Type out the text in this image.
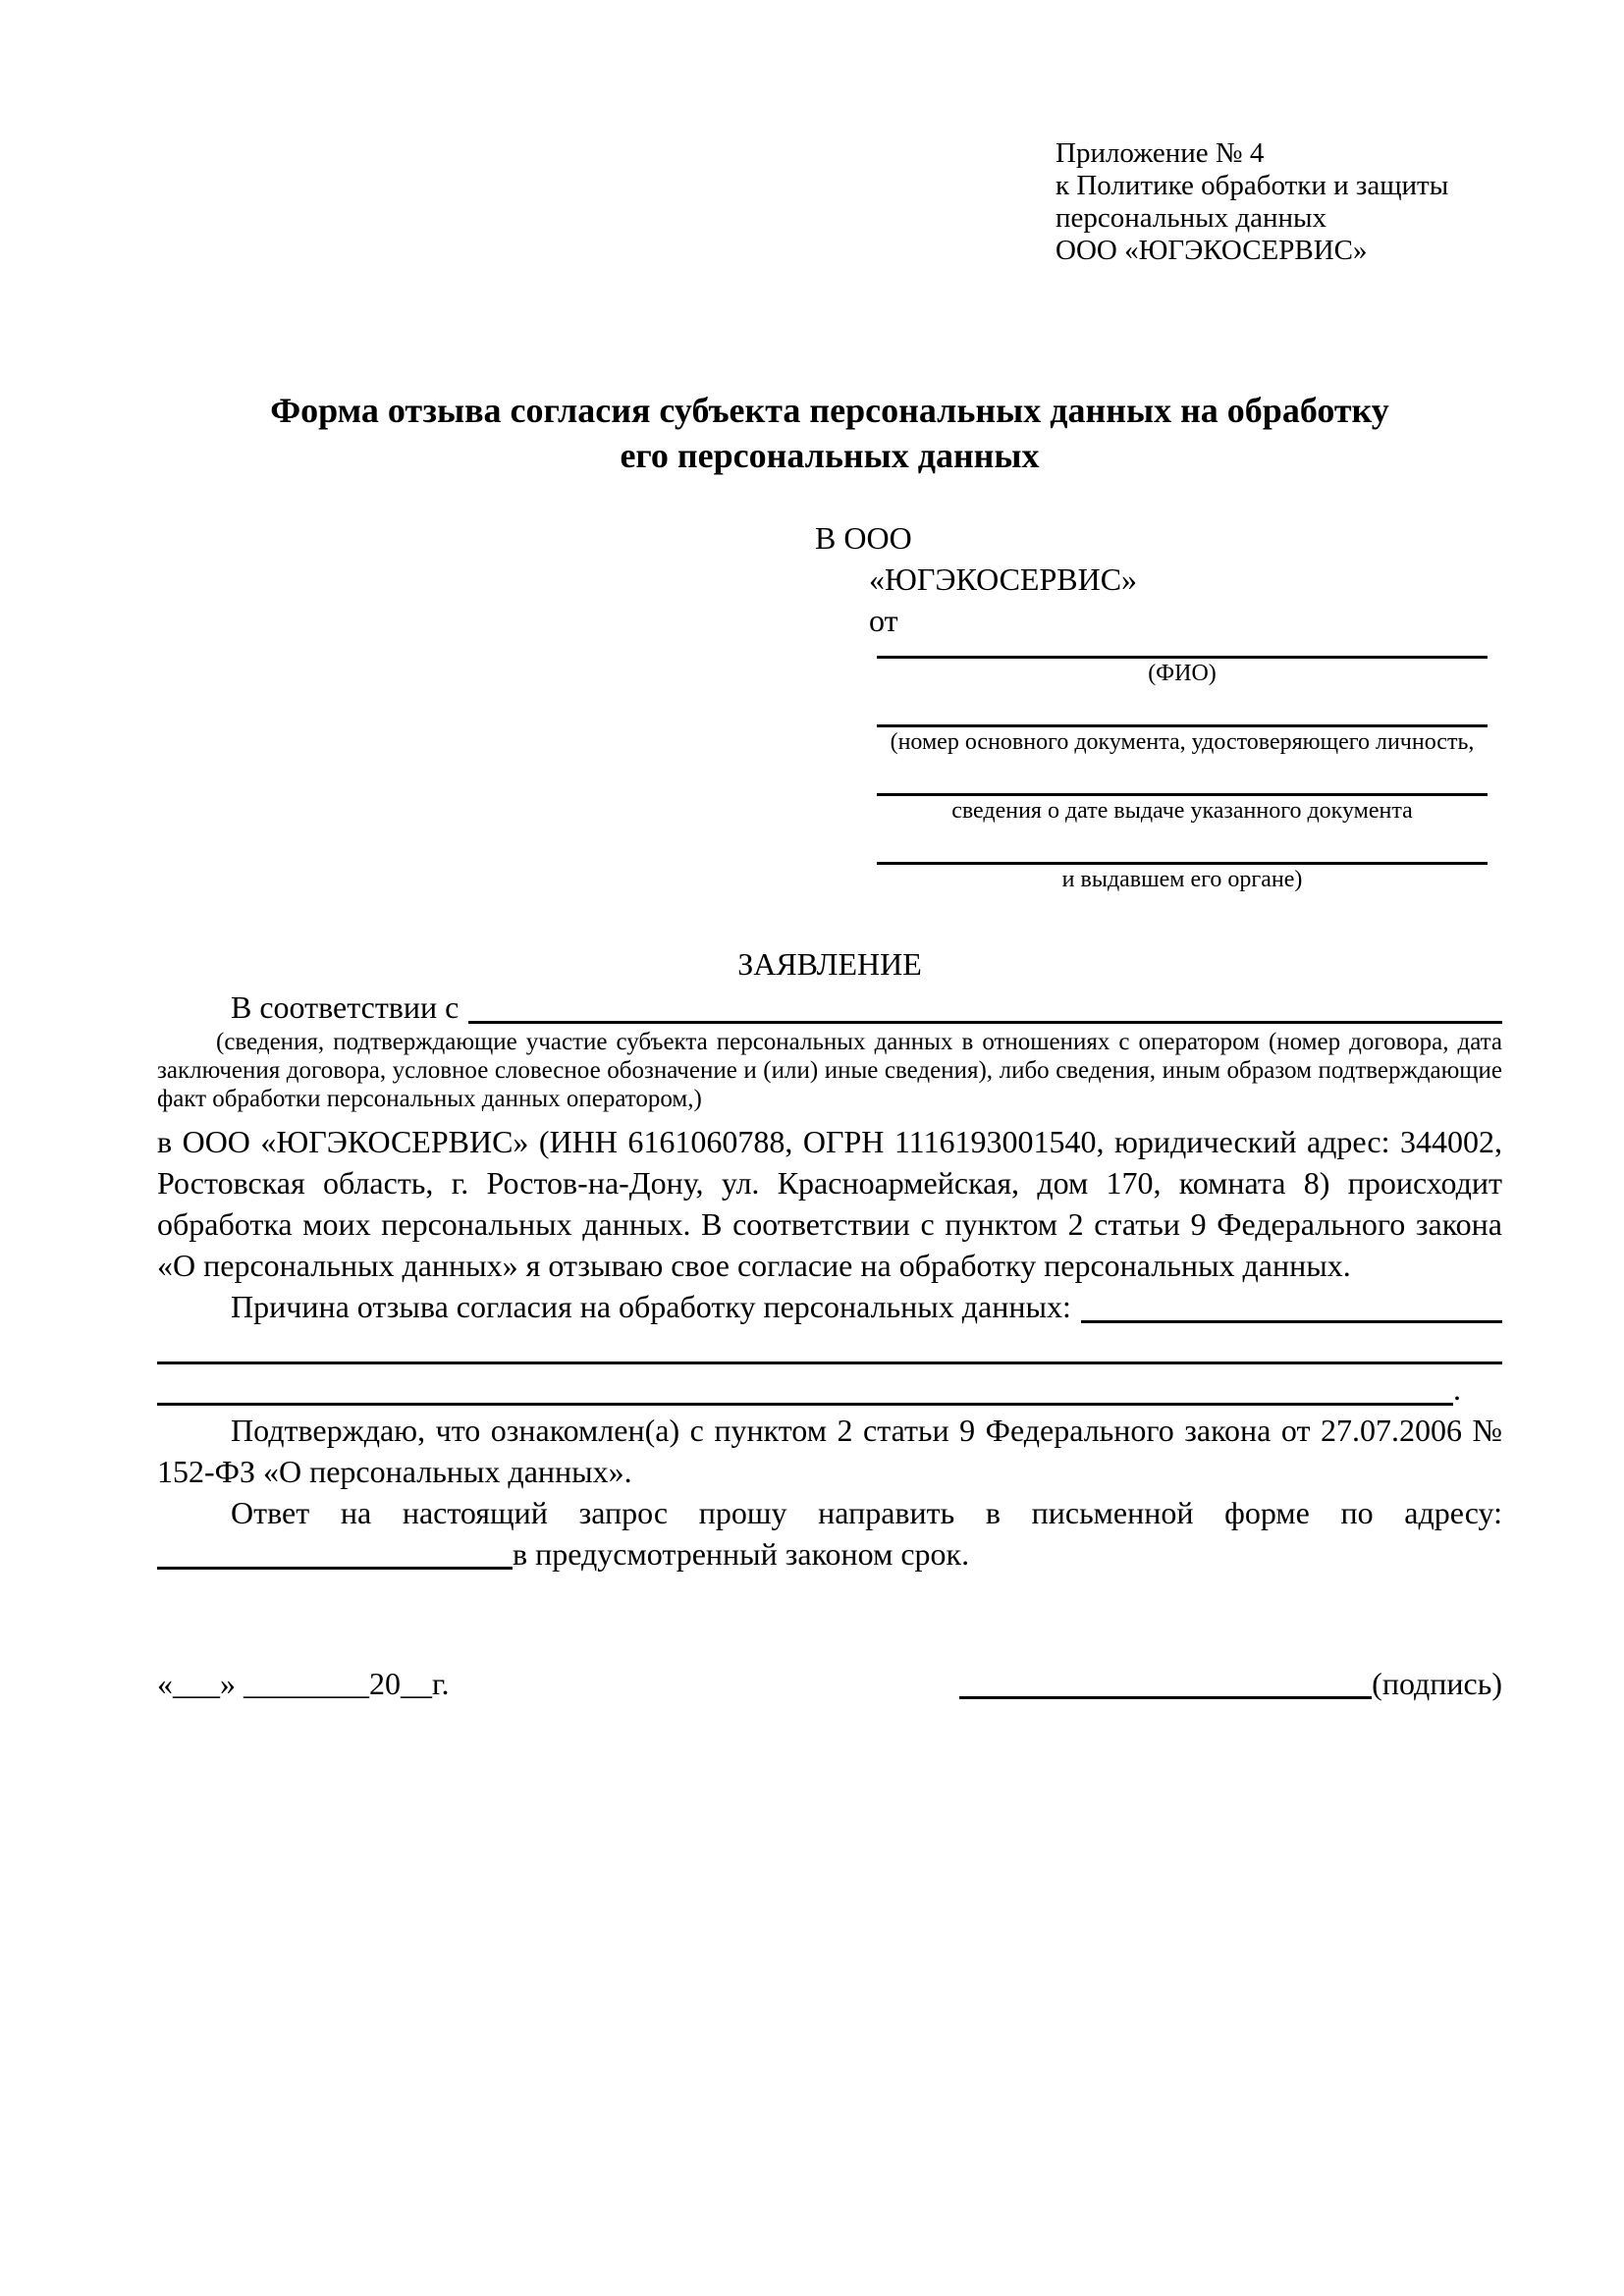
Приложение № 4
к Политике обработки и защиты
персональных данных
ООО «ЮГЭКОСЕРВИС»
Форма отзыва согласия субъекта персональных данных на обработку
его персональных данных
В ООО
«ЮГЭКОСЕРВИС»
от
(ФИО)
(номер основного документа, удостоверяющего личность,
сведения о дате выдаче указанного документа
и выдавшем его органе)
ЗАЯВЛЕНИЕ
В соответствии с
(сведения, подтверждающие участие субъекта персональных данных в отношениях с оператором (номер договора, дата заключения договора, условное словесное обозначение и (или) иные сведения), либо сведения, иным образом подтверждающие факт обработки персональных данных оператором,)

в ООО «ЮГЭКОСЕРВИС» (ИНН 6161060788, ОГРН 1116193001540, юридический адрес: 344002, Ростовская область, г. Ростов-на-Дону, ул. Красноармейская, дом 170, комната 8) происходит обработка моих персональных данных. В соответствии с пунктом 2 статьи 9 Федерального закона «О персональных данных» я отзываю свое согласие на обработку персональных данных.

Причина отзыва согласия на обработку персональных данных:
.

Подтверждаю, что ознакомлен(а) с пунктом 2 статьи 9 Федерального закона от 27.07.2006 № 152-ФЗ «О персональных данных».

Ответ на настоящий запрос прошу направить в письменной форме по адресу:

в предусмотренный законом срок.
«___» ________20__г.	(подпись)
